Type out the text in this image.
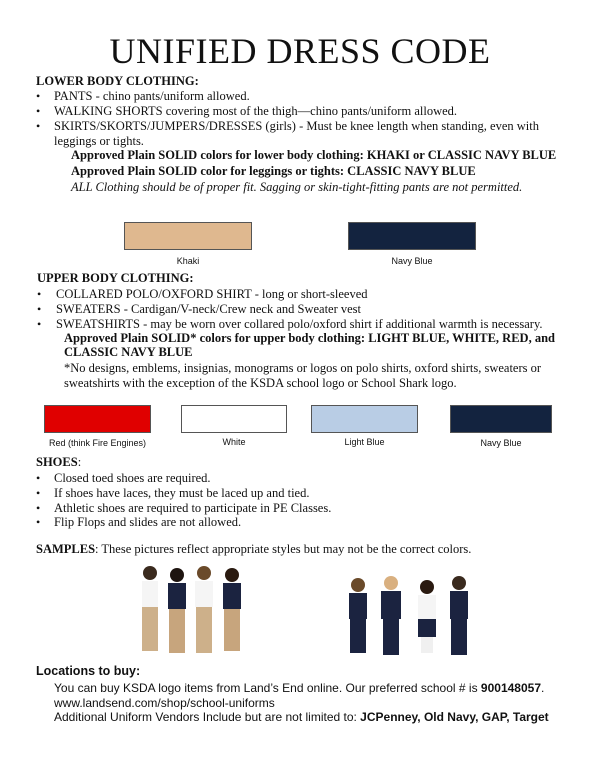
UNIFIED DRESS CODE
LOWER BODY CLOTHING:
• PANTS - chino pants/uniform allowed.
• WALKING SHORTS covering most of the thigh—chino pants/uniform allowed.
• SKIRTS/SKORTS/JUMPERS/DRESSES (girls) - Must be knee length when standing, even with
leggings or tights.
Approved Plain SOLID colors for lower body clothing: KHAKI or CLASSIC NAVY BLUE
Approved Plain SOLID color for leggings or tights: CLASSIC NAVY BLUE
ALL Clothing should be of proper fit. Sagging or skin-tight-fitting pants are not permitted.
Khaki	Navy Blue
UPPER BODY CLOTHING:
• COLLARED POLO/OXFORD SHIRT - long or short-sleeved
• SWEATERS - Cardigan/V-neck/Crew neck and Sweater vest
• SWEATSHIRTS - may be worn over collared polo/oxford shirt if additional warmth is necessary.
Approved Plain SOLID* colors for upper body clothing: LIGHT BLUE, WHITE, RED, and
CLASSIC NAVY BLUE
*No designs, emblems, insignias, monograms or logos on polo shirts, oxford shirts, sweaters or
sweatshirts with the exception of the KSDA school logo or School Shark logo.
Red (think Fire Engines)	White	Light Blue	Navy Blue
SHOES:
• Closed toed shoes are required.
• If shoes have laces, they must be laced up and tied.
• Athletic shoes are required to participate in PE Classes.
• Flip Flops and slides are not allowed.
SAMPLES: These pictures reflect appropriate styles but may not be the correct colors.
Locations to buy:
You can buy KSDA logo items from Land’s End online. Our preferred school # is 900148057.
www.landsend.com/shop/school-uniforms
Additional Uniform Vendors Include but are not limited to: JCPenney, Old Navy, GAP, Target
